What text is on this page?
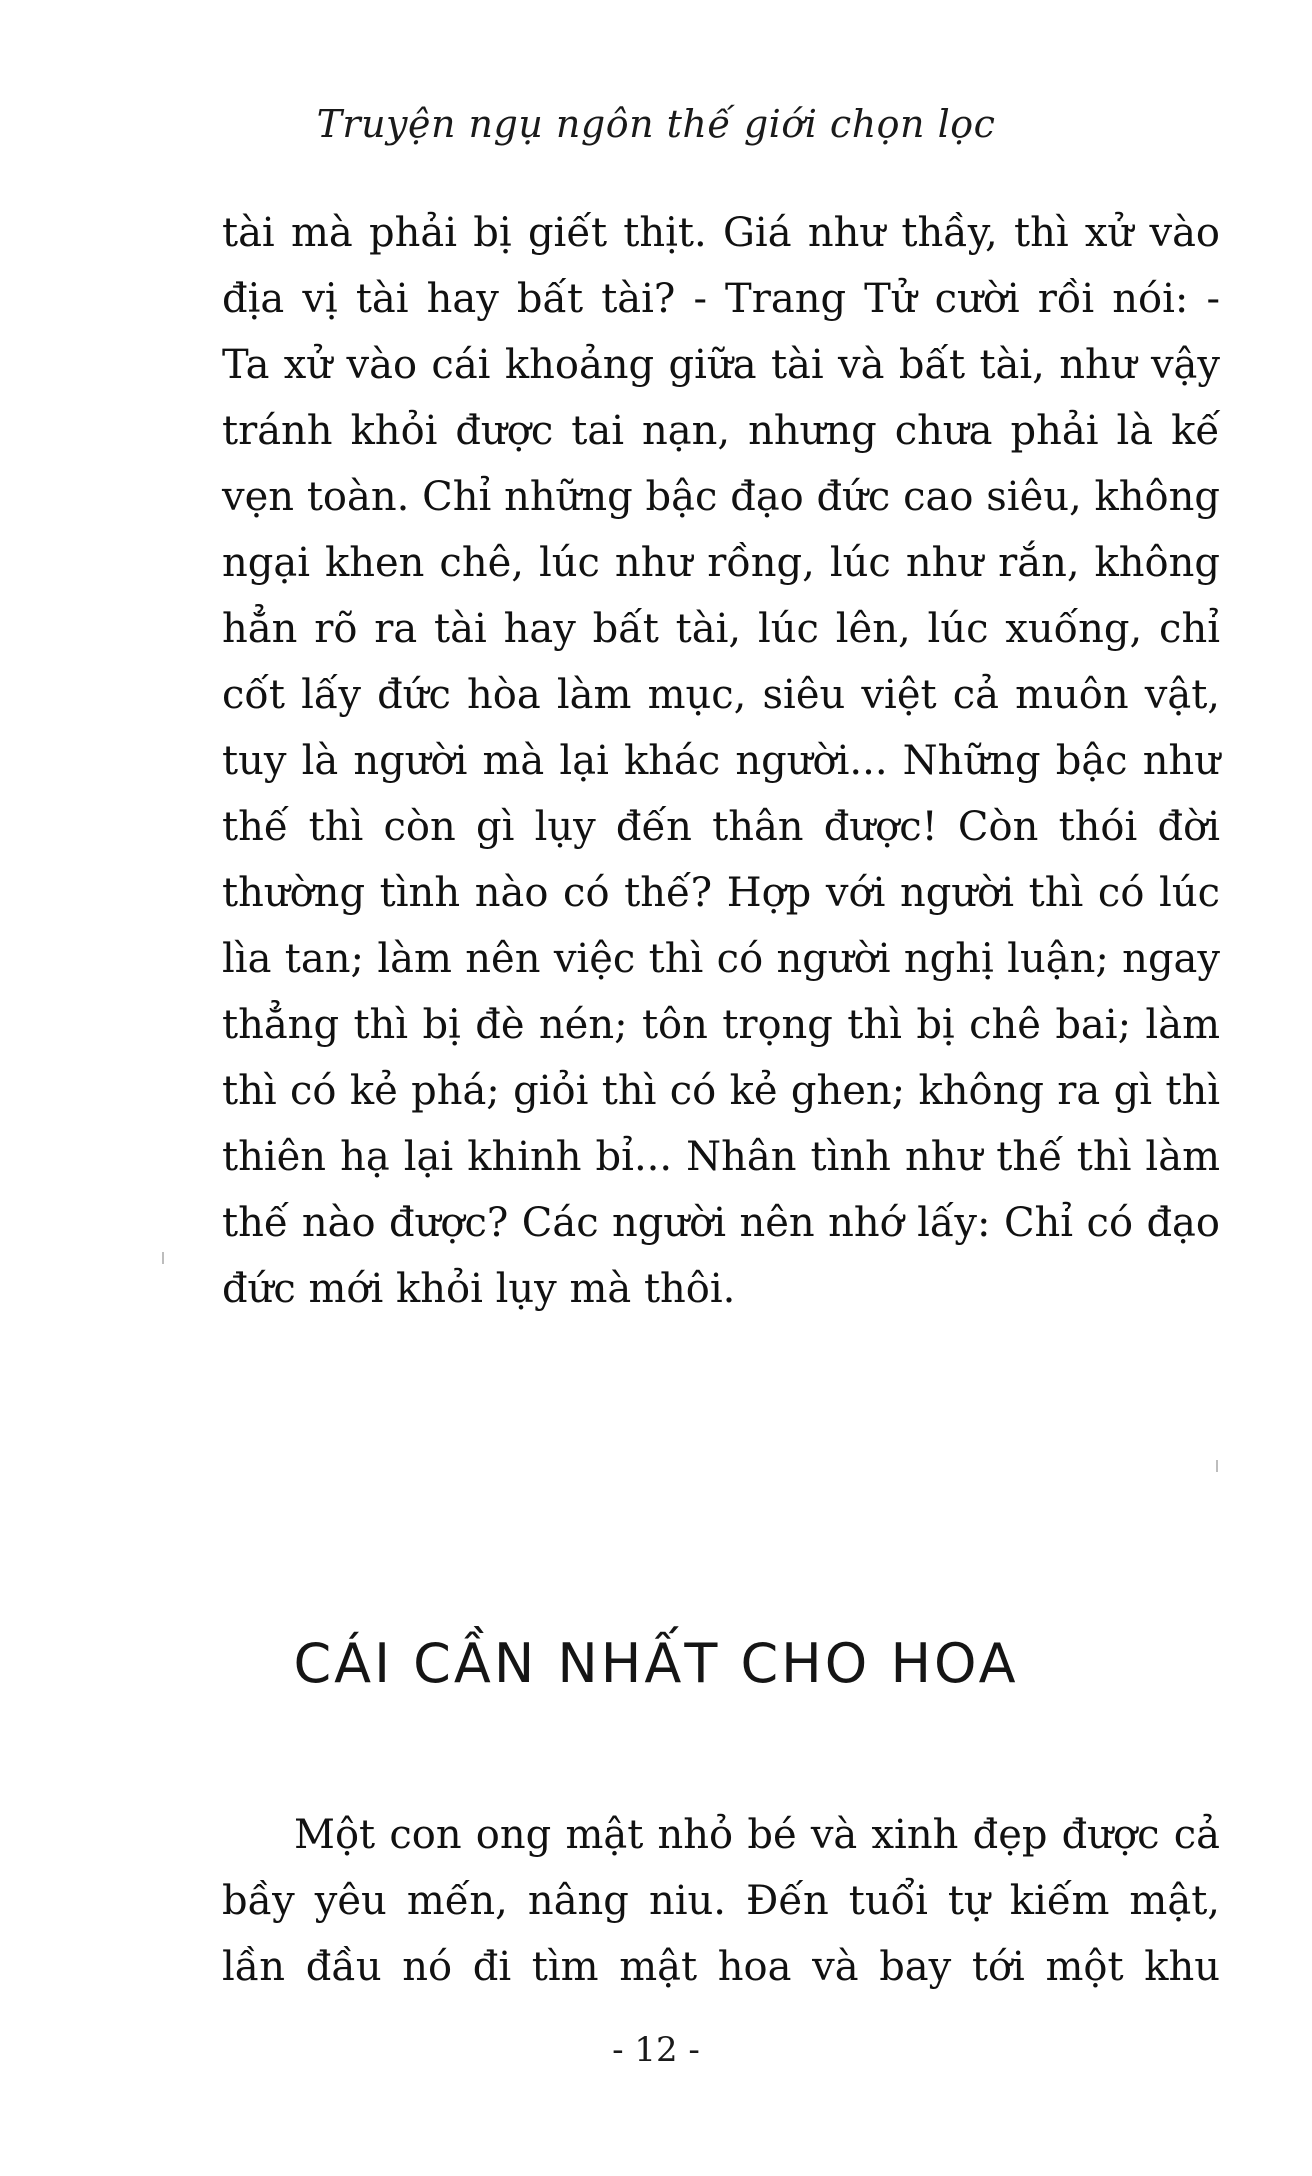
Truyện ngụ ngôn thế giới chọn lọc
tài mà phải bị giết thịt. Giá như thầy, thì xử vào
địa vị tài hay bất tài? - Trang Tử cười rồi nói: -
Ta xử vào cái khoảng giữa tài và bất tài, như vậy
tránh khỏi được tai nạn, nhưng chưa phải là kế
vẹn toàn. Chỉ những bậc đạo đức cao siêu, không
ngại khen chê, lúc như rồng, lúc như rắn, không
hẳn rõ ra tài hay bất tài, lúc lên, lúc xuống, chỉ
cốt lấy đức hòa làm mục, siêu việt cả muôn vật,
tuy là người mà lại khác người... Những bậc như
thế thì còn gì lụy đến thân được! Còn thói đời
thường tình nào có thế? Hợp với người thì có lúc
lìa tan; làm nên việc thì có người nghị luận; ngay
thẳng thì bị đè nén; tôn trọng thì bị chê bai; làm
thì có kẻ phá; giỏi thì có kẻ ghen; không ra gì thì
thiên hạ lại khinh bỉ... Nhân tình như thế thì làm
thế nào được? Các người nên nhớ lấy: Chỉ có đạo
đức mới khỏi lụy mà thôi.
CÁI CẦN NHẤT CHO HOA
Một con ong mật nhỏ bé và xinh đẹp được cả
bầy yêu mến, nâng niu. Đến tuổi tự kiếm mật,
lần đầu nó đi tìm mật hoa và bay tới một khu
- 12 -
